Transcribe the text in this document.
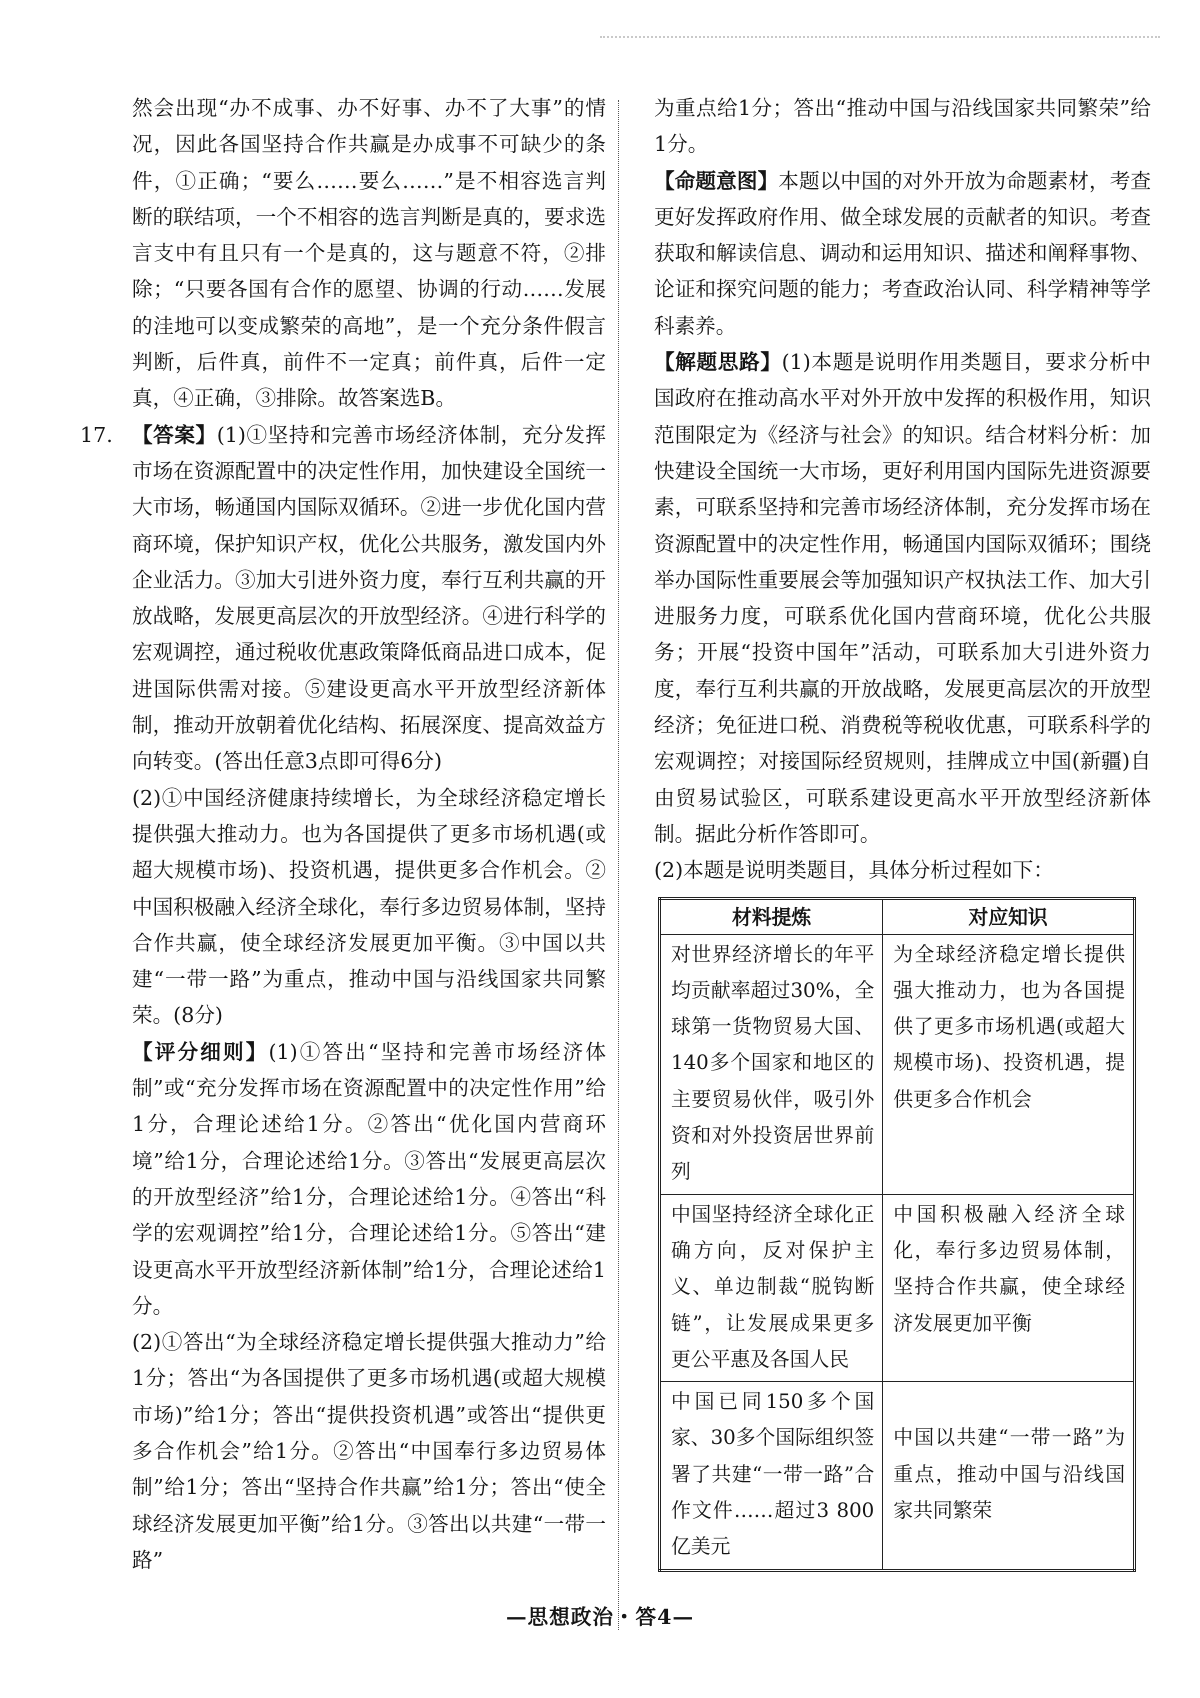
然会出现“办不成事、办不好事、办不了大事”的情况，因此各国坚持合作共赢是办成事不可缺少的条件，①正确；“要么……要么……”是不相容选言判断的联结项，一个不相容的选言判断是真的，要求选言支中有且只有一个是真的，这与题意不符，②排除；“只要各国有合作的愿望、协调的行动……发展的洼地可以变成繁荣的高地”，是一个充分条件假言判断，后件真，前件不一定真；前件真，后件一定真，④正确，③排除。故答案选B。
17. 【答案】(1)①坚持和完善市场经济体制，充分发挥市场在资源配置中的决定性作用，加快建设全国统一大市场，畅通国内国际双循环。②进一步优化国内营商环境，保护知识产权，优化公共服务，激发国内外企业活力。③加大引进外资力度，奉行互利共赢的开放战略，发展更高层次的开放型经济。④进行科学的宏观调控，通过税收优惠政策降低商品进口成本，促进国际供需对接。⑤建设更高水平开放型经济新体制，推动开放朝着优化结构、拓展深度、提高效益方向转变。(答出任意3点即可得6分)
(2)①中国经济健康持续增长，为全球经济稳定增长提供强大推动力。也为各国提供了更多市场机遇(或超大规模市场)、投资机遇，提供更多合作机会。②中国积极融入经济全球化，奉行多边贸易体制，坚持合作共赢，使全球经济发展更加平衡。③中国以共建“一带一路”为重点，推动中国与沿线国家共同繁荣。(8分)
【评分细则】(1)①答出“坚持和完善市场经济体制”或“充分发挥市场在资源配置中的决定性作用”给1分，合理论述给1分。②答出“优化国内营商环境”给1分，合理论述给1分。③答出“发展更高层次的开放型经济”给1分，合理论述给1分。④答出“科学的宏观调控”给1分，合理论述给1分。⑤答出“建设更高水平开放型经济新体制”给1分，合理论述给1分。
(2)①答出“为全球经济稳定增长提供强大推动力”给1分；答出“为各国提供了更多市场机遇(或超大规模市场)”给1分；答出“提供投资机遇”或答出“提供更多合作机会”给1分。②答出“中国奉行多边贸易体制”给1分；答出“坚持合作共赢”给1分；答出“使全球经济发展更加平衡”给1分。③答出以共建“一带一路”
为重点给1分；答出“推动中国与沿线国家共同繁荣”给1分。
【命题意图】本题以中国的对外开放为命题素材，考查更好发挥政府作用、做全球发展的贡献者的知识。考查获取和解读信息、调动和运用知识、描述和阐释事物、论证和探究问题的能力；考查政治认同、科学精神等学科素养。
【解题思路】(1)本题是说明作用类题目，要求分析中国政府在推动高水平对外开放中发挥的积极作用，知识范围限定为《经济与社会》的知识。结合材料分析：加快建设全国统一大市场，更好利用国内国际先进资源要素，可联系坚持和完善市场经济体制，充分发挥市场在资源配置中的决定性作用，畅通国内国际双循环；围绕举办国际性重要展会等加强知识产权执法工作、加大引进服务力度，可联系优化国内营商环境，优化公共服务；开展“投资中国年”活动，可联系加大引进外资力度，奉行互利共赢的开放战略，发展更高层次的开放型经济；免征进口税、消费税等税收优惠，可联系科学的宏观调控；对接国际经贸规则，挂牌成立中国(新疆)自由贸易试验区，可联系建设更高水平开放型经济新体制。据此分析作答即可。
(2)本题是说明类题目，具体分析过程如下：
材料提炼	对应知识
对世界经济增长的年平均贡献率超过30%，全球第一货物贸易大国、140多个国家和地区的主要贸易伙伴，吸引外资和对外投资居世界前列	为全球经济稳定增长提供强大推动力，也为各国提供了更多市场机遇(或超大规模市场)、投资机遇，提供更多合作机会
中国坚持经济全球化正确方向，反对保护主义、单边制裁“脱钩断链”，让发展成果更多更公平惠及各国人民	中国积极融入经济全球化，奉行多边贸易体制，坚持合作共赢，使全球经济发展更加平衡
中国已同150多个国家、30多个国际组织签署了共建“一带一路”合作文件……超过3 800亿美元	中国以共建“一带一路”为重点，推动中国与沿线国家共同繁荣
—思想政治・答4—
